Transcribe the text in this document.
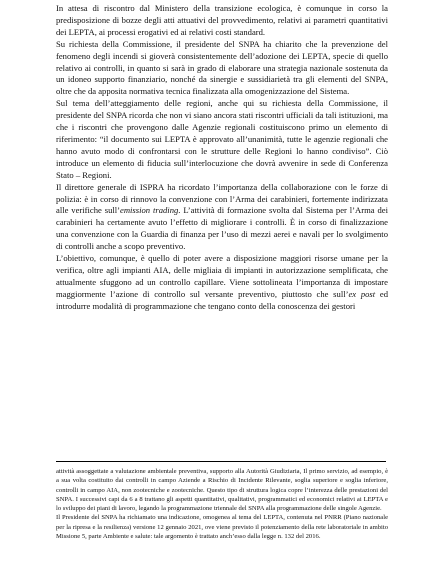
In attesa di riscontro dal Ministero della transizione ecologica, è comunque in corso la predisposizione di bozze degli atti attuativi del provvedimento, relativi ai parametri quantitativi dei LEPTA, ai processi erogativi ed ai relativi costi standard.

Su richiesta della Commissione, il presidente del SNPA ha chiarito che la prevenzione del fenomeno degli incendi si gioverà consistentemente dell’adozione dei LEPTA, specie di quello relativo ai controlli, in quanto si sarà in grado di elaborare una strategia nazionale sostenuta da un idoneo supporto finanziario, nonché da sinergie e sussidiarietà tra gli elementi del SNPA, oltre che da apposita normativa tecnica finalizzata alla omogenizzazione del Sistema.

Sul tema dell’atteggiamento delle regioni, anche qui su richiesta della Commissione, il presidente del SNPA ricorda che non vi siano ancora stati riscontri ufficiali da tali istituzioni, ma che i riscontri che provengono dalle Agenzie regionali costituiscono primo un elemento di riferimento: “il documento sui LEPTA è approvato all’unanimità, tutte le agenzie regionali che hanno avuto modo di confrontarsi con le strutture delle Regioni lo hanno condiviso”. Ciò introduce un elemento di fiducia sull’interlocuzione che dovrà avvenire in sede di Conferenza Stato – Regioni.

Il direttore generale di ISPRA ha ricordato l’importanza della collaborazione con le forze di polizia: è in corso di rinnovo la convenzione con l’Arma dei carabinieri, fortemente indirizzata alle verifiche sull’emission trading. L’attività di formazione svolta dal Sistema per l’Arma dei carabinieri ha certamente avuto l’effetto di migliorare i controlli. È in corso di finalizzazione una convenzione con la Guardia di finanza per l’uso di mezzi aerei e navali per lo svolgimento di controlli anche a scopo preventivo.

L’obiettivo, comunque, è quello di poter avere a disposizione maggiori risorse umane per la verifica, oltre agli impianti AIA, delle migliaia di impianti in autorizzazione semplificata, che attualmente sfuggono ad un controllo capillare. Viene sottolineata l’importanza di impostare maggiormente l’azione di controllo sul versante preventivo, piuttosto che sull’ex post ed introdurre modalità di programmazione che tengano conto della conoscenza dei gestori

attività assoggettate a valutazione ambientale preventiva, supporto alla Autorità Giudiziaria, Il primo servizio, ad esempio, è a sua volta costituito dai controlli in campo Aziende a Rischio di Incidente Rilevante, soglia superiore e soglia inferiore, controlli in campo AIA, non zootecniche e zootecniche. Questo tipo di struttura logica copre l’interezza delle prestazioni del SNPA. I successivi capi da 6 a 8 trattano gli aspetti quantitativi, qualitativi, programmatici ed economici relativi ai LEPTA e lo sviluppo dei piani di lavoro, legando la programmazione triennale del SNPA alla programmazione delle singole Agenzie.

Il Presidente del SNPA ha richiamato una indicazione, omogenea al tema del LEPTA, contenuta nel PNRR (Piano nazionale per la ripresa e la resilienza) versione 12 gennaio 2021, ove viene previsto il potenziamento della rete laboratoriale in ambito Missione 5, parte Ambiente e salute: tale argomento è trattato anch’esso dalla legge n. 132 del 2016.
